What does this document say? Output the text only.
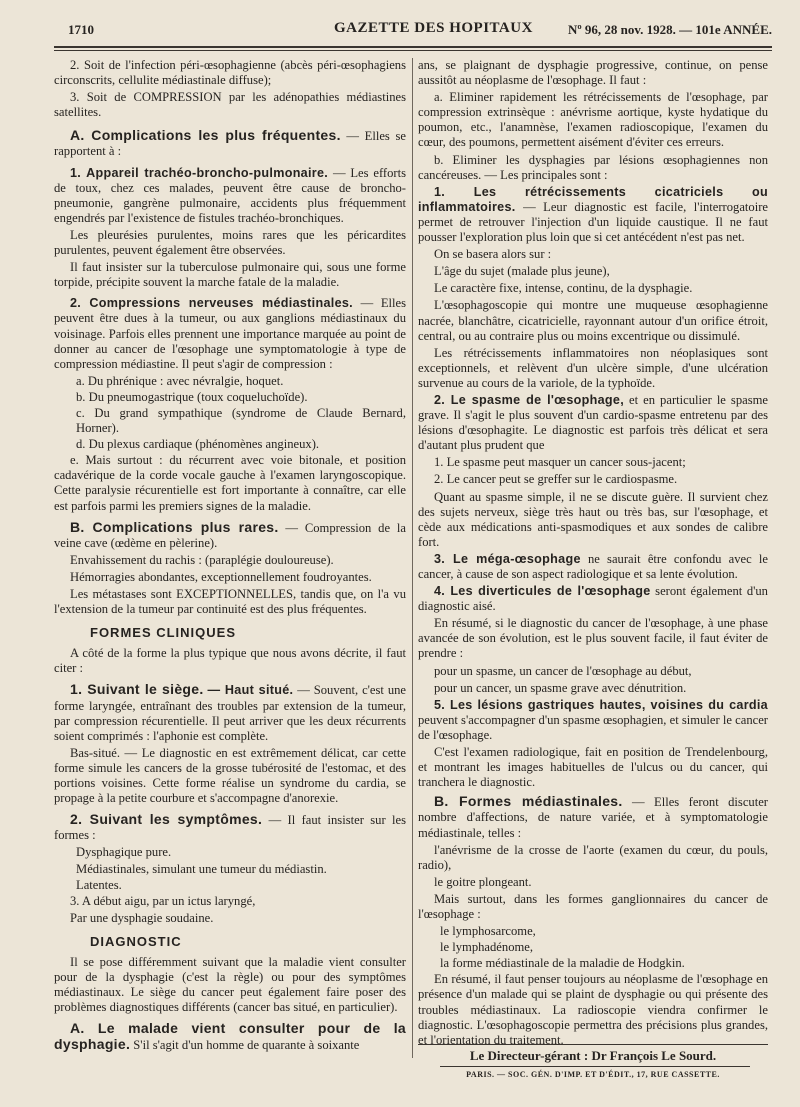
1710	GAZETTE DES HOPITAUX	Nº 96, 28 nov. 1928. — 101e ANNÉE.

2. Soit de l'infection péri-œsophagienne (abcès péri-œsophagiens circonscrits, cellulite médiastinale diffuse);

3. Soit de COMPRESSION par les adénopathies médiastines satellites.

A. Complications les plus fréquentes. — Elles se rapportent à :

1. Appareil trachéo-broncho-pulmonaire. — Les efforts de toux, chez ces malades, peuvent être cause de broncho-pneumonie, gangrène pulmonaire, accidents plus fréquemment engendrés par l'existence de fistules trachéo-bronchiques.

Les pleurésies purulentes, moins rares que les péricardites purulentes, peuvent également être observées.

Il faut insister sur la tuberculose pulmonaire qui, sous une forme torpide, précipite souvent la marche fatale de la maladie.

2. Compressions nerveuses médiastinales. — Elles peuvent être dues à la tumeur, ou aux ganglions médiastinaux du voisinage. Parfois elles prennent une importance marquée au point de donner au cancer de l'œsophage une symptomatologie à type de compression médiastine. Il peut s'agir de compression :

a. Du phrénique : avec névralgie, hoquet.

b. Du pneumogastrique (toux coqueluchoïde).

c. Du grand sympathique (syndrome de Claude Bernard, Horner).

d. Du plexus cardiaque (phénomènes angineux).

e. Mais surtout : du récurrent avec voie bitonale, et position cadavérique de la corde vocale gauche à l'examen laryngoscopique. Cette paralysie récurentielle est fort importante à connaître, car elle est parfois parmi les premiers signes de la maladie.

B. Complications plus rares. — Compression de la veine cave (œdème en pèlerine).

Envahissement du rachis : (paraplégie douloureuse).

Hémorragies abondantes, exceptionnellement foudroyantes.

Les métastases sont EXCEPTIONNELLES, tandis que, on l'a vu l'extension de la tumeur par continuité est des plus fréquentes.

FORMES CLINIQUES

A côté de la forme la plus typique que nous avons décrite, il faut citer :

1. Suivant le siège. — Haut situé. — Souvent, c'est une forme laryngée, entraînant des troubles par extension de la tumeur, par compression récurentielle. Il peut arriver que les deux récurrents soient comprimés : l'aphonie est complète.

Bas-situé. — Le diagnostic en est extrêmement délicat, car cette forme simule les cancers de la grosse tubérosité de l'estomac, et des portions voisines. Cette forme réalise un syndrome du cardia, se propage à la petite courbure et s'accompagne d'anorexie.

2. Suivant les symptômes. — Il faut insister sur les formes :

Dysphagique pure.

Médiastinales, simulant une tumeur du médiastin.

Latentes.

3. A début aigu, par un ictus laryngé,

Par une dysphagie soudaine.

DIAGNOSTIC

Il se pose différemment suivant que la maladie vient consulter pour de la dysphagie (c'est la règle) ou pour des symptômes médiastinaux. Le siège du cancer peut également faire poser des problèmes diagnostiques différents (cancer bas situé, en particulier).

A. Le malade vient consulter pour de la dysphagie. S'il s'agit d'un homme de quarante à soixante

ans, se plaignant de dysphagie progressive, continue, on pense aussitôt au néoplasme de l'œsophage. Il faut :

a. Eliminer rapidement les rétrécissements de l'œsophage, par compression extrinsèque : anévrisme aortique, kyste hydatique du poumon, etc., l'anamnèse, l'examen radioscopique, l'examen du cœur, des poumons, permettent aisément d'éviter ces erreurs.

b. Eliminer les dysphagies par lésions œsophagiennes non cancéreuses. — Les principales sont :

1. Les rétrécissements cicatriciels ou inflammatoires. — Leur diagnostic est facile, l'interrogatoire permet de retrouver l'injection d'un liquide caustique. Il ne faut pousser l'exploration plus loin que si cet antécédent n'est pas net.

On se basera alors sur :

L'âge du sujet (malade plus jeune),

Le caractère fixe, intense, continu, de la dysphagie.

L'œsophagoscopie qui montre une muqueuse œsophagienne nacrée, blanchâtre, cicatricielle, rayonnant autour d'un orifice étroit, central, ou au contraire plus ou moins excentrique ou dissimulé.

Les rétrécissements inflammatoires non néoplasiques sont exceptionnels, et relèvent d'un ulcère simple, d'une ulcération survenue au cours de la variole, de la typhoïde.

2. Le spasme de l'œsophage, et en particulier le spasme grave. Il s'agit le plus souvent d'un cardio-spasme entretenu par des lésions d'œsophagite. Le diagnostic est parfois très délicat et sera d'autant plus prudent que

1. Le spasme peut masquer un cancer sous-jacent;

2. Le cancer peut se greffer sur le cardiospasme.

Quant au spasme simple, il ne se discute guère. Il survient chez des sujets nerveux, siège très haut ou très bas, sur l'œsophage, et cède aux médications anti-spasmodiques et aux sondes de calibre fort.

3. Le méga-œsophage ne saurait être confondu avec le cancer, à cause de son aspect radiologique et sa lente évolution.

4. Les diverticules de l'œsophage seront également d'un diagnostic aisé.

En résumé, si le diagnostic du cancer de l'œsophage, à une phase avancée de son évolution, est le plus souvent facile, il faut éviter de prendre :

pour un spasme, un cancer de l'œsophage au début,

pour un cancer, un spasme grave avec dénutrition.

5. Les lésions gastriques hautes, voisines du cardia peuvent s'accompagner d'un spasme œsophagien, et simuler le cancer de l'œsophage.

C'est l'examen radiologique, fait en position de Trendelenbourg, et montrant les images habituelles de l'ulcus ou du cancer, qui tranchera le diagnostic.

B. Formes médiastinales. — Elles feront discuter nombre d'affections, de nature variée, et à symptomatologie médiastinale, telles :

l'anévrisme de la crosse de l'aorte (examen du cœur, du pouls, radio),

le goitre plongeant.

Mais surtout, dans les formes ganglionnaires du cancer de l'œsophage :

le lymphosarcome,

le lymphadénome,

la forme médiastinale de la maladie de Hodgkin.

En résumé, il faut penser toujours au néoplasme de l'œsophage en présence d'un malade qui se plaint de dysphagie ou qui présente des troubles médiastinaux. La radioscopie viendra confirmer le diagnostic. L'œsophagoscopie permettra des précisions plus grandes, et l'orientation du traitement.

Le Directeur-gérant : Dr François Le Sourd.
PARIS. — SOC. GÉN. D'IMP. ET D'ÉDIT., 17, RUE CASSETTE.
